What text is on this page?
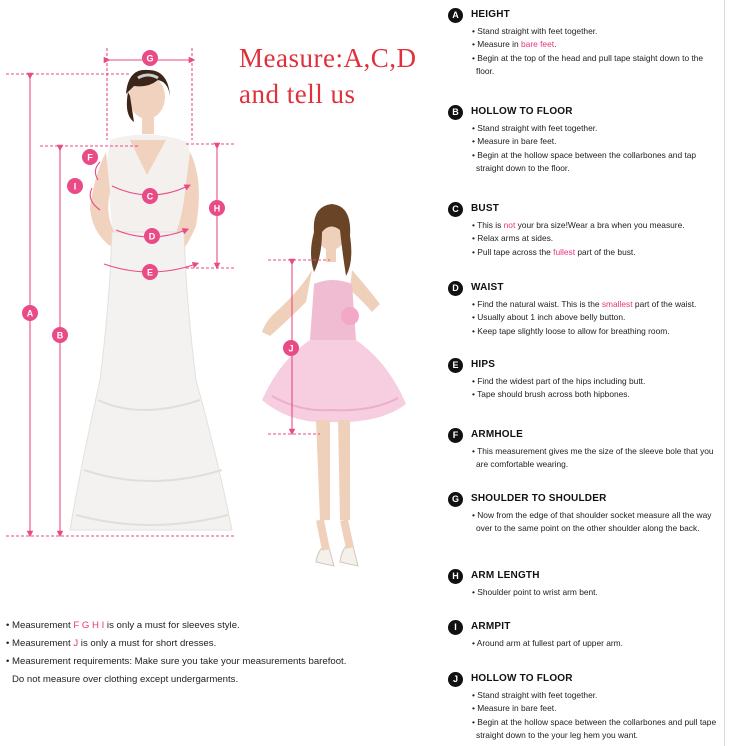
A
B
C
D
E
F
G
H
I
J
Measure:A,C,D
and tell us
• Measurement F G H I is only a must for sleeves style.
• Measurement J is only a must for short dresses.
• Measurement requirements: Make sure you take your measurements barefoot.
Do not measure over clothing except undergarments.
A	HEIGHT
• Stand straight with feet together.
• Measure in bare feet.
• Begin at the top of the head and pull tape staight down to the floor.
B	HOLLOW TO FLOOR
• Stand straight with feet together.
• Measure in bare feet.
• Begin at the hollow space between the collarbones and tap straight down to the floor.
C	BUST
• This is not your bra size!Wear a bra when you measure.
• Relax arms at sides.
• Pull tape across the fullest part of the bust.
D	WAIST
• Find the natural waist. This is the smallest part of the waist.
• Usually about 1 inch above belly button.
• Keep tape slightly loose to allow for breathing room.
E	HIPS
• Find the widest part of the hips including butt.
• Tape should brush across both hipbones.
F	ARMHOLE
• This measurement gives me the size of the sleeve bole that you are comfortable wearing.
G	SHOULDER TO SHOULDER
• Now from the edge of that shoulder socket measure all the way over to the same point on the other shoulder along the back.
H	ARM LENGTH
• Shoulder point to wrist arm bent.
I	ARMPIT
• Around arm at fullest part of upper arm.
J	HOLLOW TO FLOOR
• Stand straight with feet together.
• Measure in bare feet.
• Begin at the hollow space between the collarbones and pull tape straight down to the your leg hem you want.
